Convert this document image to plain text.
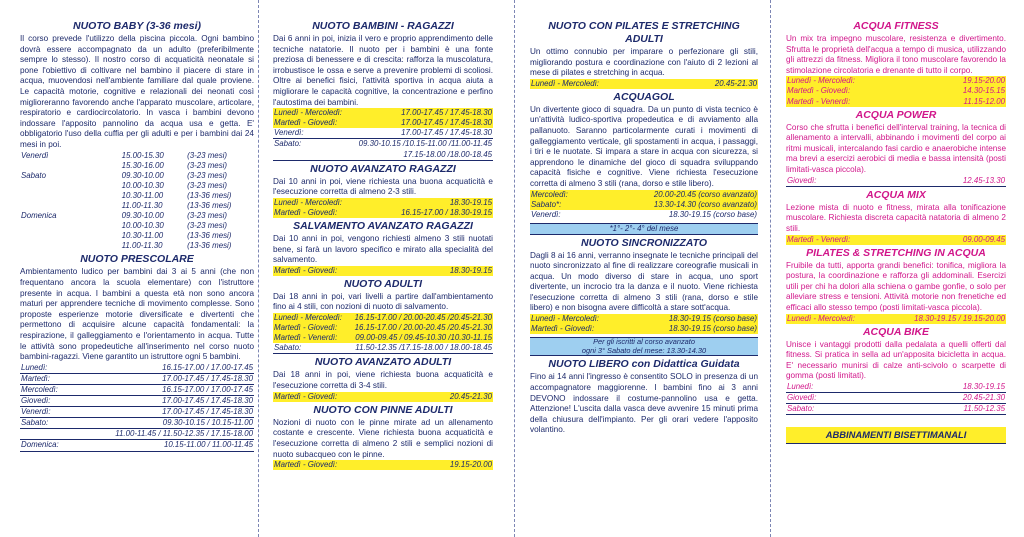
NUOTO BABY (3-36 mesi)

Il corso prevede l'utilizzo della piscina piccola. Ogni bambino dovrà essere accompagnato da un adulto (preferibilmente sempre lo stesso). Il nostro corso di acquaticità neonatale si pone l'obiettivo di coltivare nel bambino il piacere di stare in acqua, muovendosi nell'ambiente familiare dal quale proviene. Le capacità motorie, cognitive e relazionali dei neonati così miglioreranno favorendo anche l'apparato muscolare, articolare, respiratorio e cardiocircolatorio. In vasca i bambini devono indossare l'apposito pannolino da acqua usa e getta. E' obbligatorio l'uso della cuffia per gli adulti e per i bambini dai 24 mesi in poi.

Venerdì	15.00-15.30	(3-23 mesi)
	15.30-16.00	(3-23 mesi)
Sabato	09.30-10.00	(3-23 mesi)
	10.00-10.30	(3-23 mesi)
	10.30-11.00	(13-36 mesi)
	11.00-11.30	(13-36 mesi)
Domenica	09.30-10.00	(3-23 mesi)
	10.00-10.30	(3-23 mesi)
	10.30-11.00	(13-36 mesi)
	11.00-11.30	(13-36 mesi)
NUOTO PRESCOLARE

Ambientamento ludico per bambini dai 3 ai 5 anni (che non frequentano ancora la scuola elementare) con l'istruttore presente in acqua. I bambini a questa età non sono ancora maturi per apprendere tecniche di movimento complesse. Sono proposte esperienze motorie diversificate e divertenti che permettono di acquisire alcune capacità fondamentali: la respirazione, il galleggiamento e l'orientamento in acqua. Tutte le attività sono propedeutiche all'inserimento nel corso nuoto bambini-ragazzi. Viene garantito un istruttore ogni 5 bambini.

Lunedì:	16.15-17.00 / 17.00-17.45
Martedì:	17.00-17.45 / 17.45-18.30
Mercoledì:	16.15-17.00 / 17.00-17.45
Giovedì:	17.00-17.45 / 17.45-18.30
Venerdì:	17.00-17.45 / 17.45-18.30
Sabato:	09.30-10.15 / 10.15-11.00
	11.00-11.45 / 11.50-12.35 / 17.15-18.00
Domenica:	10.15-11.00 / 11.00-11.45
NUOTO BAMBINI - RAGAZZI

Dai 6 anni in poi, inizia il vero e proprio apprendimento delle tecniche natatorie. Il nuoto per i bambini è una fonte preziosa di benessere e di crescita: rafforza la muscolatura, irrobustisce le ossa e serve a prevenire problemi di scoliosi. Oltre ai benefici fisici, l'attività sportiva in acqua aiuta a migliorare le capacità cognitive, la concentrazione e perfino l'autostima dei bambini.

Lunedì - Mercoledì:	17.00-17.45 / 17.45-18.30
Martedì - Giovedì:	17.00-17.45 / 17.45-18.30
Venerdì:	17.00-17.45 / 17.45-18.30
Sabato:	09.30-10.15 /10.15-11.00 /11.00-11.45
	17.15-18.00 /18.00-18.45
NUOTO AVANZATO RAGAZZI

Dai 10 anni in poi, viene richiesta una buona acquaticità e l'esecuzione corretta di almeno 2-3 stili.

Lunedì - Mercoledì:	18.30-19.15
Martedì - Giovedì:	16.15-17.00 / 18.30-19.15
SALVAMENTO AVANZATO RAGAZZI

Dai 10 anni in poi, vengono richiesti almeno 3 stili nuotati bene, si farà un lavoro specifico e mirato alla specialità del salvamento.

Martedì - Giovedì:	18.30-19.15
NUOTO ADULTI

Dai 18 anni in poi, vari livelli a partire dall'ambientamento fino ai 4 stili, con nozioni di nuoto di salvamento.

Lunedì - Mercoledì:	16.15-17.00 / 20.00-20.45 /20.45-21.30
Martedì - Giovedì:	16.15-17.00 / 20.00-20.45 /20.45-21.30
Martedì - Venerdì:	09.00-09.45 / 09.45-10.30 /10.30-11.15
Sabato:	11.50-12.35 /17.15-18.00 / 18.00-18.45
NUOTO AVANZATO ADULTI

Dai 18 anni in poi, viene richiesta buona acquaticità e l'esecuzione corretta di 3-4 stili.

Martedì - Giovedì:	20.45-21.30
NUOTO CON PINNE ADULTI

Nozioni di nuoto con le pinne mirate ad un allenamento costante e crescente. Viene richiesta buona acquaticità e l'esecuzione corretta di almeno 2 stili e semplici nozioni di nuoto subacqueo con le pinne.

Martedì - Giovedì:	19.15-20.00
NUOTO CON PILATES E STRETCHING ADULTI

Un ottimo connubio per imparare o perfezionare gli stili, migliorando postura e coordinazione con l'aiuto di 2 lezioni al mese di pilates e stretching in acqua.

Lunedì - Mercoledì:	20.45-21.30
ACQUAGOL

Un divertente gioco di squadra. Da un punto di vista tecnico è un'attività ludico-sportiva propedeutica e di avviamento alla pallanuoto. Saranno particolarmente curati i movimenti di galleggiamento verticale, gli spostamenti in acqua, i passaggi, i tiri e le nuotate. Si impara a stare in acqua con sicurezza, si apprendono le dinamiche del gioco di squadra sviluppando capacità fisiche e cognitive. Viene richiesta l'esecuzione corretta di almeno 3 stili (rana, dorso e stile libero).

Mercoledì:	20.00-20.45 (corso avanzato)
Sabato*:	13.30-14.30 (corso avanzato)
Venerdì:	18.30-19.15 (corso base)
*1°- 2°- 4° del mese
NUOTO SINCRONIZZATO

Dagli 8 ai 16 anni, verranno insegnate le tecniche principali del nuoto sincronizzato al fine di realizzare coreografie musicali in acqua. Un modo diverso di stare in acqua, uno sport divertente, un incrocio tra la danza e il nuoto. Viene richiesta l'esecuzione corretta di almeno 3 stili (rana, dorso e stile libero) e non bisogna avere difficoltà a stare sott'acqua.

Lunedì - Mercoledì:	18.30-19.15 (corso base)
Martedì - Giovedì:	18.30-19.15 (corso base)
Per gli iscritti al corso avanzato
ogni 3° Sabato del mese: 13.30-14.30
NUOTO LIBERO con Didattica Guidata

Fino ai 14 anni l'ingresso è consentito SOLO in presenza di un accompagnatore maggiorenne. I bambini fino ai 3 anni DEVONO indossare il costume-pannolino usa e getta. Attenzione! L'uscita dalla vasca deve avvenire 15 minuti prima della chiusura dell'impianto. Per gli orari vedere l'apposito volantino.

ACQUA FITNESS

Un mix tra impegno muscolare, resistenza e divertimento. Sfrutta le proprietà dell'acqua a tempo di musica, utilizzando gli attrezzi da fitness. Migliora il tono muscolare favorendo la stimolazione circolatoria e drenante di tutto il corpo.

Lunedì - Mercoledì:	19.15-20.00
Martedì - Giovedì:	14.30-15.15
Martedì - Venerdì:	11.15-12.00
ACQUA POWER

Corso che sfrutta i benefici dell'interval training, la tecnica di allenamento a intervalli, abbinando i movimenti del corpo ai ritmi musicali, intercalando fasi cardio e anaerobiche intense ma brevi a esercizi aerobici di media e bassa intensità (posti limitati-vasca piccola).

Giovedì:	12.45-13.30
ACQUA MIX

Lezione mista di nuoto e fitness, mirata alla tonificazione muscolare. Richiesta discreta capacità natatoria di almeno 2 stili.

Martedì - Venerdì:	09.00-09.45
PILATES & STRETCHING IN ACQUA

Fruibile da tutti, apporta grandi benefici: tonifica, migliora la postura, la coordinazione e rafforza gli addominali. Esercizi utili per chi ha dolori alla schiena o gambe gonfie, o solo per alleviare stress e tensioni. Attività motorie non frenetiche ed efficaci allo stesso tempo (posti limitati-vasca piccola).

Lunedì - Mercoledì:	18.30-19.15 / 19.15-20.00
ACQUA BIKE

Unisce i vantaggi prodotti dalla pedalata a quelli offerti dal fitness. Si pratica in sella ad un'apposita bicicletta in acqua. E' necessario munirsi di calze anti-scivolo o scarpette di gomma (posti limitati).

Lunedì:	18.30-19.15
Giovedì:	20.45-21.30
Sabato:	11.50-12.35
ABBINAMENTI BISETTIMANALI
